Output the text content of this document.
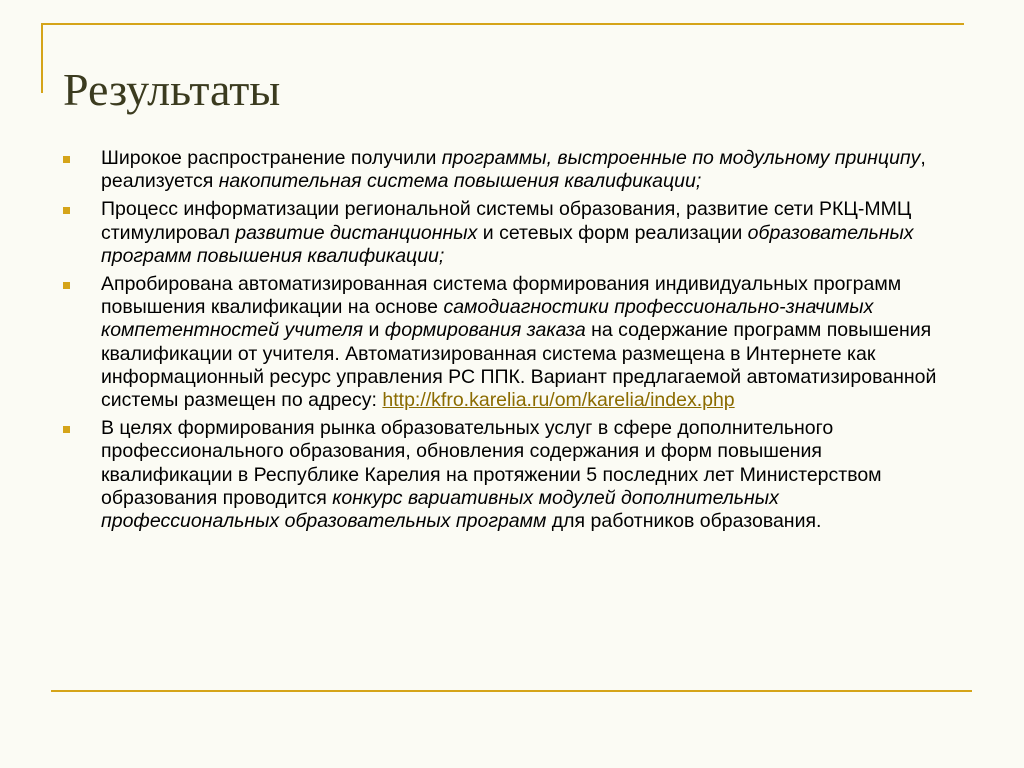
Результаты
Широкое распространение получили программы, выстроенные по модульному принципу, реализуется накопительная система повышения квалификации;
Процесс информатизации региональной системы образования, развитие сети РКЦ-ММЦ стимулировал развитие дистанционных и сетевых форм реализации образовательных программ повышения квалификации;
Апробирована автоматизированная система формирования индивидуальных программ повышения квалификации на основе самодиагностики профессионально-значимых компетентностей учителя и формирования заказа на содержание программ повышения квалификации от учителя. Автоматизированная система размещена в Интернете как информационный ресурс управления РС ППК. Вариант предлагаемой автоматизированной системы размещен по адресу: http://kfro.karelia.ru/om/karelia/index.php
В целях формирования рынка образовательных услуг в сфере дополнительного профессионального образования, обновления содержания и форм повышения квалификации в Республике Карелия на протяжении 5 последних лет Министерством образования проводится конкурс вариативных модулей дополнительных профессиональных образовательных программ для работников образования.
